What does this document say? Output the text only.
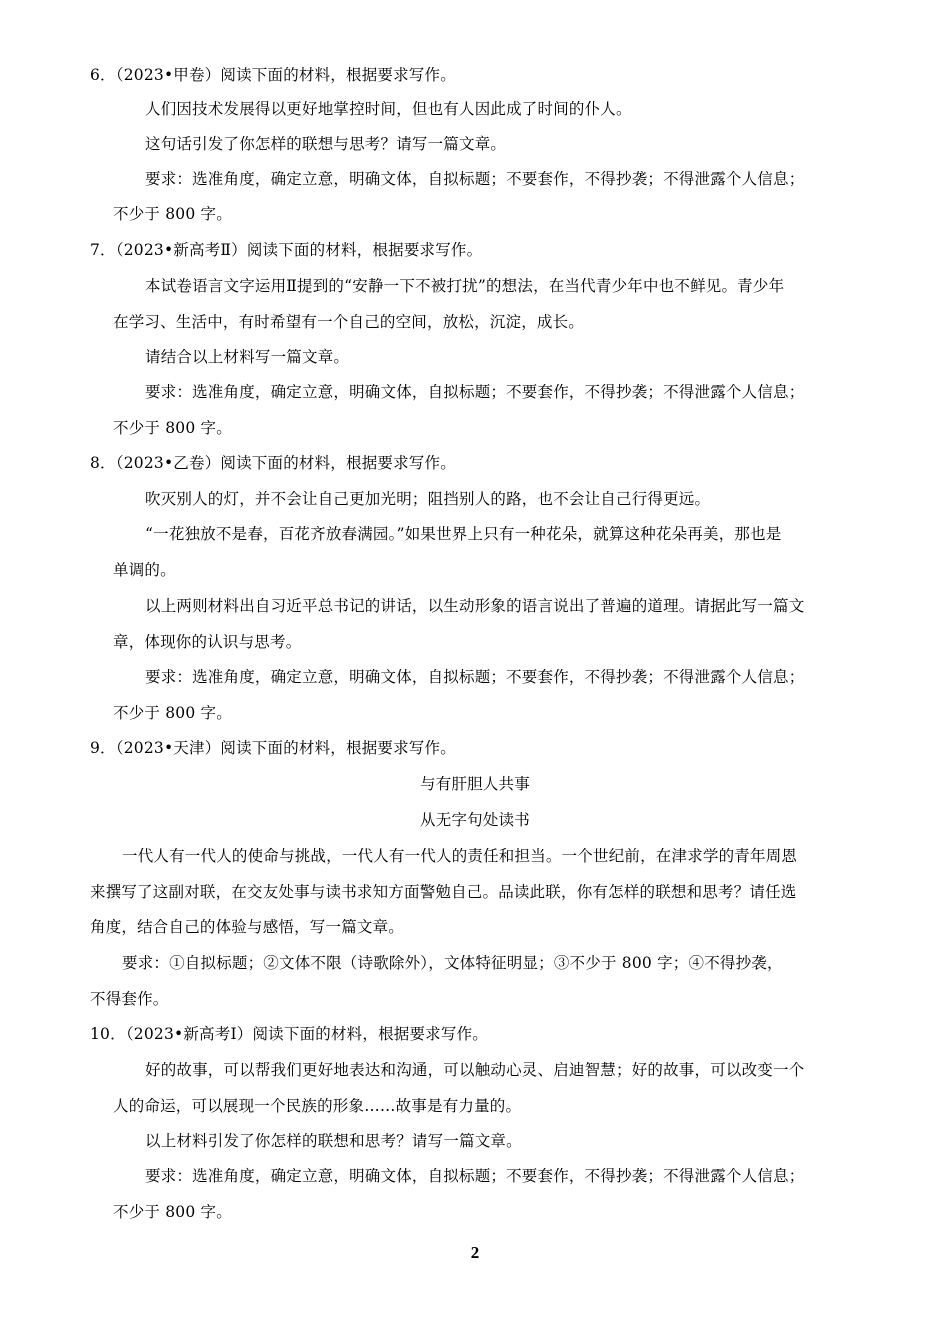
6．（2023•甲卷）阅读下面的材料，根据要求写作。
人们因技术发展得以更好地掌控时间，但也有人因此成了时间的仆人。
这句话引发了你怎样的联想与思考？请写一篇文章。
要求：选准角度，确定立意，明确文体，自拟标题；不要套作，不得抄袭；不得泄露个人信息；
不少于 800 字。
7．（2023•新高考Ⅱ）阅读下面的材料，根据要求写作。
本试卷语言文字运用Ⅱ提到的“安静一下不被打扰”的想法，在当代青少年中也不鲜见。青少年
在学习、生活中，有时希望有一个自己的空间，放松，沉淀，成长。
请结合以上材料写一篇文章。
要求：选准角度，确定立意，明确文体，自拟标题；不要套作，不得抄袭；不得泄露个人信息；
不少于 800 字。
8．（2023•乙卷）阅读下面的材料，根据要求写作。
吹灭别人的灯，并不会让自己更加光明；阻挡别人的路，也不会让自己行得更远。
“一花独放不是春，百花齐放春满园。”如果世界上只有一种花朵，就算这种花朵再美，那也是
单调的。
以上两则材料出自习近平总书记的讲话，以生动形象的语言说出了普遍的道理。请据此写一篇文
章，体现你的认识与思考。
要求：选准角度，确定立意，明确文体，自拟标题；不要套作，不得抄袭；不得泄露个人信息；
不少于 800 字。
9．（2023•天津）阅读下面的材料，根据要求写作。
与有肝胆人共事
从无字句处读书
一代人有一代人的使命与挑战，一代人有一代人的责任和担当。一个世纪前，在津求学的青年周恩
来撰写了这副对联，在交友处事与读书求知方面警勉自己。品读此联，你有怎样的联想和思考？请任选
角度，结合自己的体验与感悟，写一篇文章。
要求：①自拟标题；②文体不限（诗歌除外），文体特征明显；③不少于 800 字；④不得抄袭，
不得套作。
10．（2023•新高考Ⅰ）阅读下面的材料，根据要求写作。
好的故事，可以帮我们更好地表达和沟通，可以触动心灵、启迪智慧；好的故事，可以改变一个
人的命运，可以展现一个民族的形象……故事是有力量的。
以上材料引发了你怎样的联想和思考？请写一篇文章。
要求：选准角度，确定立意，明确文体，自拟标题；不要套作，不得抄袭；不得泄露个人信息；
不少于 800 字。
2
